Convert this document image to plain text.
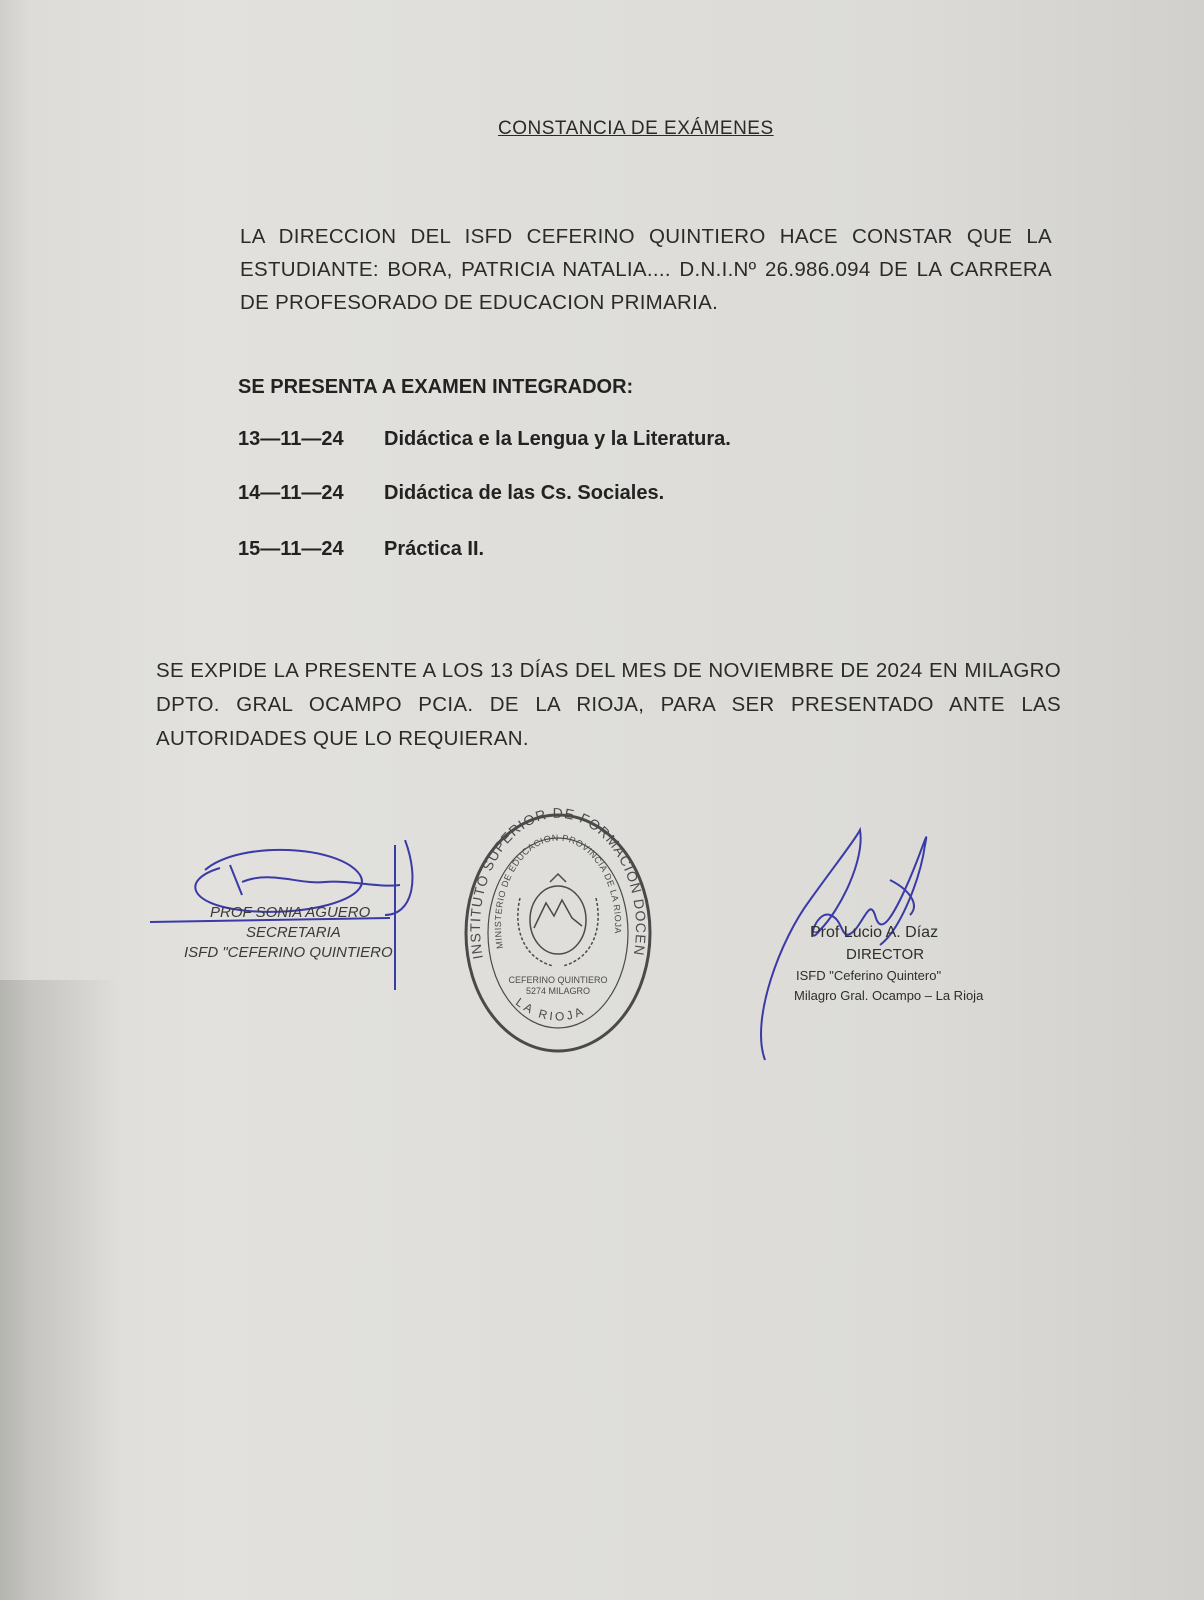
CONSTANCIA DE EXÁMENES
LA DIRECCION DEL ISFD CEFERINO QUINTIERO HACE CONSTAR QUE LA ESTUDIANTE: BORA, PATRICIA NATALIA.... D.N.I.Nº 26.986.094 DE LA CARRERA DE PROFESORADO DE EDUCACION PRIMARIA.
SE PRESENTA A EXAMEN INTEGRADOR:
13—11—24 Didáctica e la Lengua y la Literatura.
14—11—24 Didáctica de las Cs. Sociales.
15—11—24 Práctica II.
SE EXPIDE LA PRESENTE A LOS 13 DÍAS DEL MES DE NOVIEMBRE DE 2024 EN MILAGRO DPTO. GRAL OCAMPO PCIA. DE LA RIOJA, PARA SER PRESENTADO ANTE LAS AUTORIDADES QUE LO REQUIERAN.
PROF SONIA AGUERO
SECRETARIA
ISFD "CEFERINO QUINTIERO	INSTITUTO SUPERIOR DE FORMACION DOCEN
MINISTERIO DE EDUCACION PROVINCIA DE LA RIOJA
CEFERINO QUINTIERO
5274 MILAGRO
LA RIOJA
Prof Lucio A. Díaz
DIRECTOR
ISFD "Ceferino Quintero"
Milagro Gral. Ocampo – La Rioja
